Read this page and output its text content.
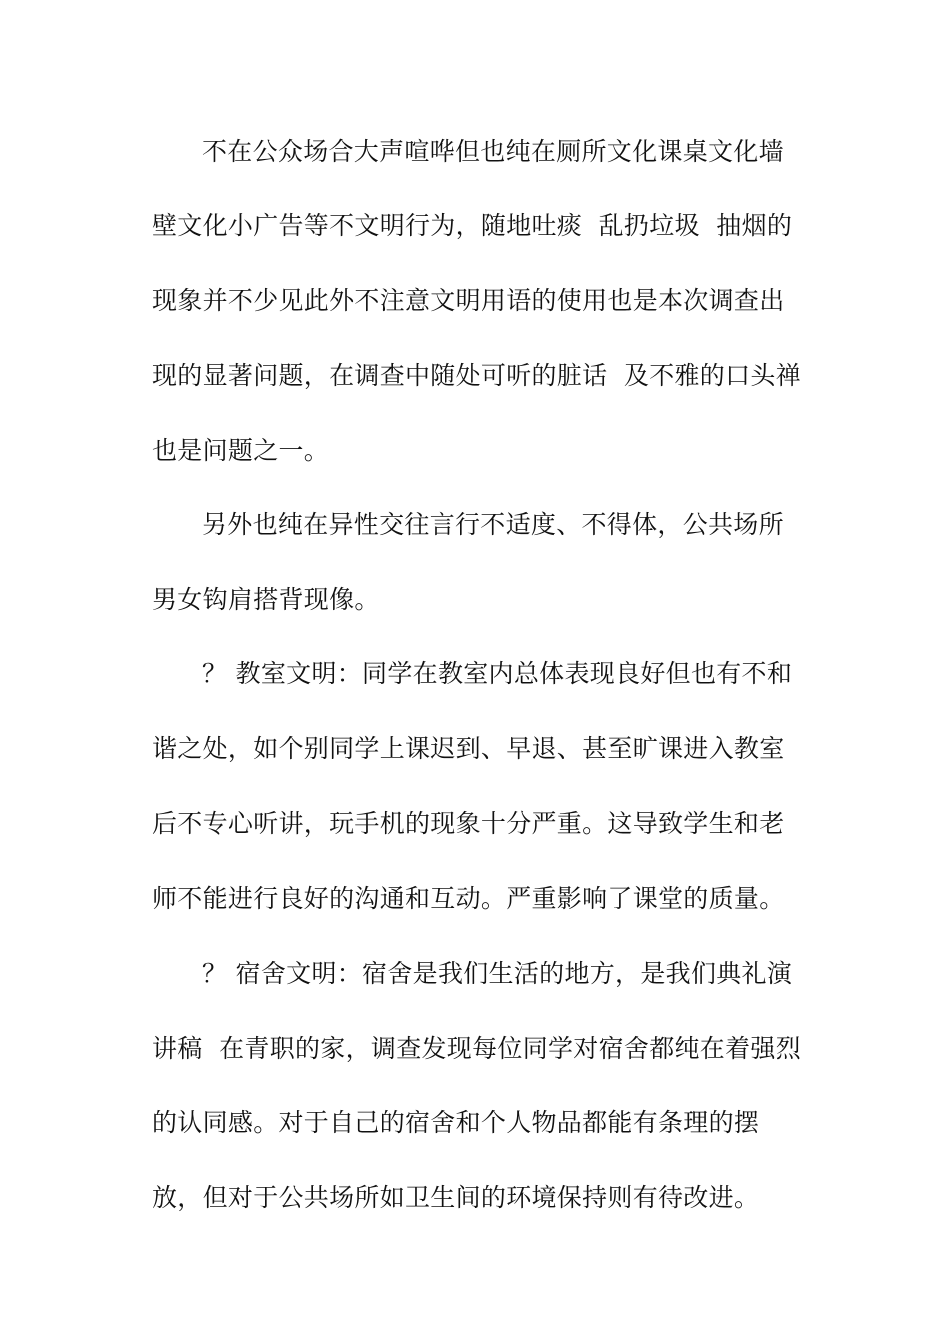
不在公众场合大声喧哗但也纯在厕所文化课桌文化墙
壁文化小广告等不文明行为，随地吐痰  乱扔垃圾  抽烟的
现象并不少见此外不注意文明用语的使用也是本次调查出
现的显著问题，在调查中随处可听的脏话  及不雅的口头禅
也是问题之一。
另外也纯在异性交往言行不适度、不得体，公共场所
男女钩肩搭背现像。
？ 教室文明：同学在教室内总体表现良好但也有不和
谐之处，如个别同学上课迟到、早退、甚至旷课进入教室
后不专心听讲，玩手机的现象十分严重。这导致学生和老
师不能进行良好的沟通和互动。严重影响了课堂的质量。
？ 宿舍文明：宿舍是我们生活的地方，是我们典礼演
讲稿  在青职的家，调查发现每位同学对宿舍都纯在着强烈
的认同感。对于自己的宿舍和个人物品都能有条理的摆
放，但对于公共场所如卫生间的环境保持则有待改进。
